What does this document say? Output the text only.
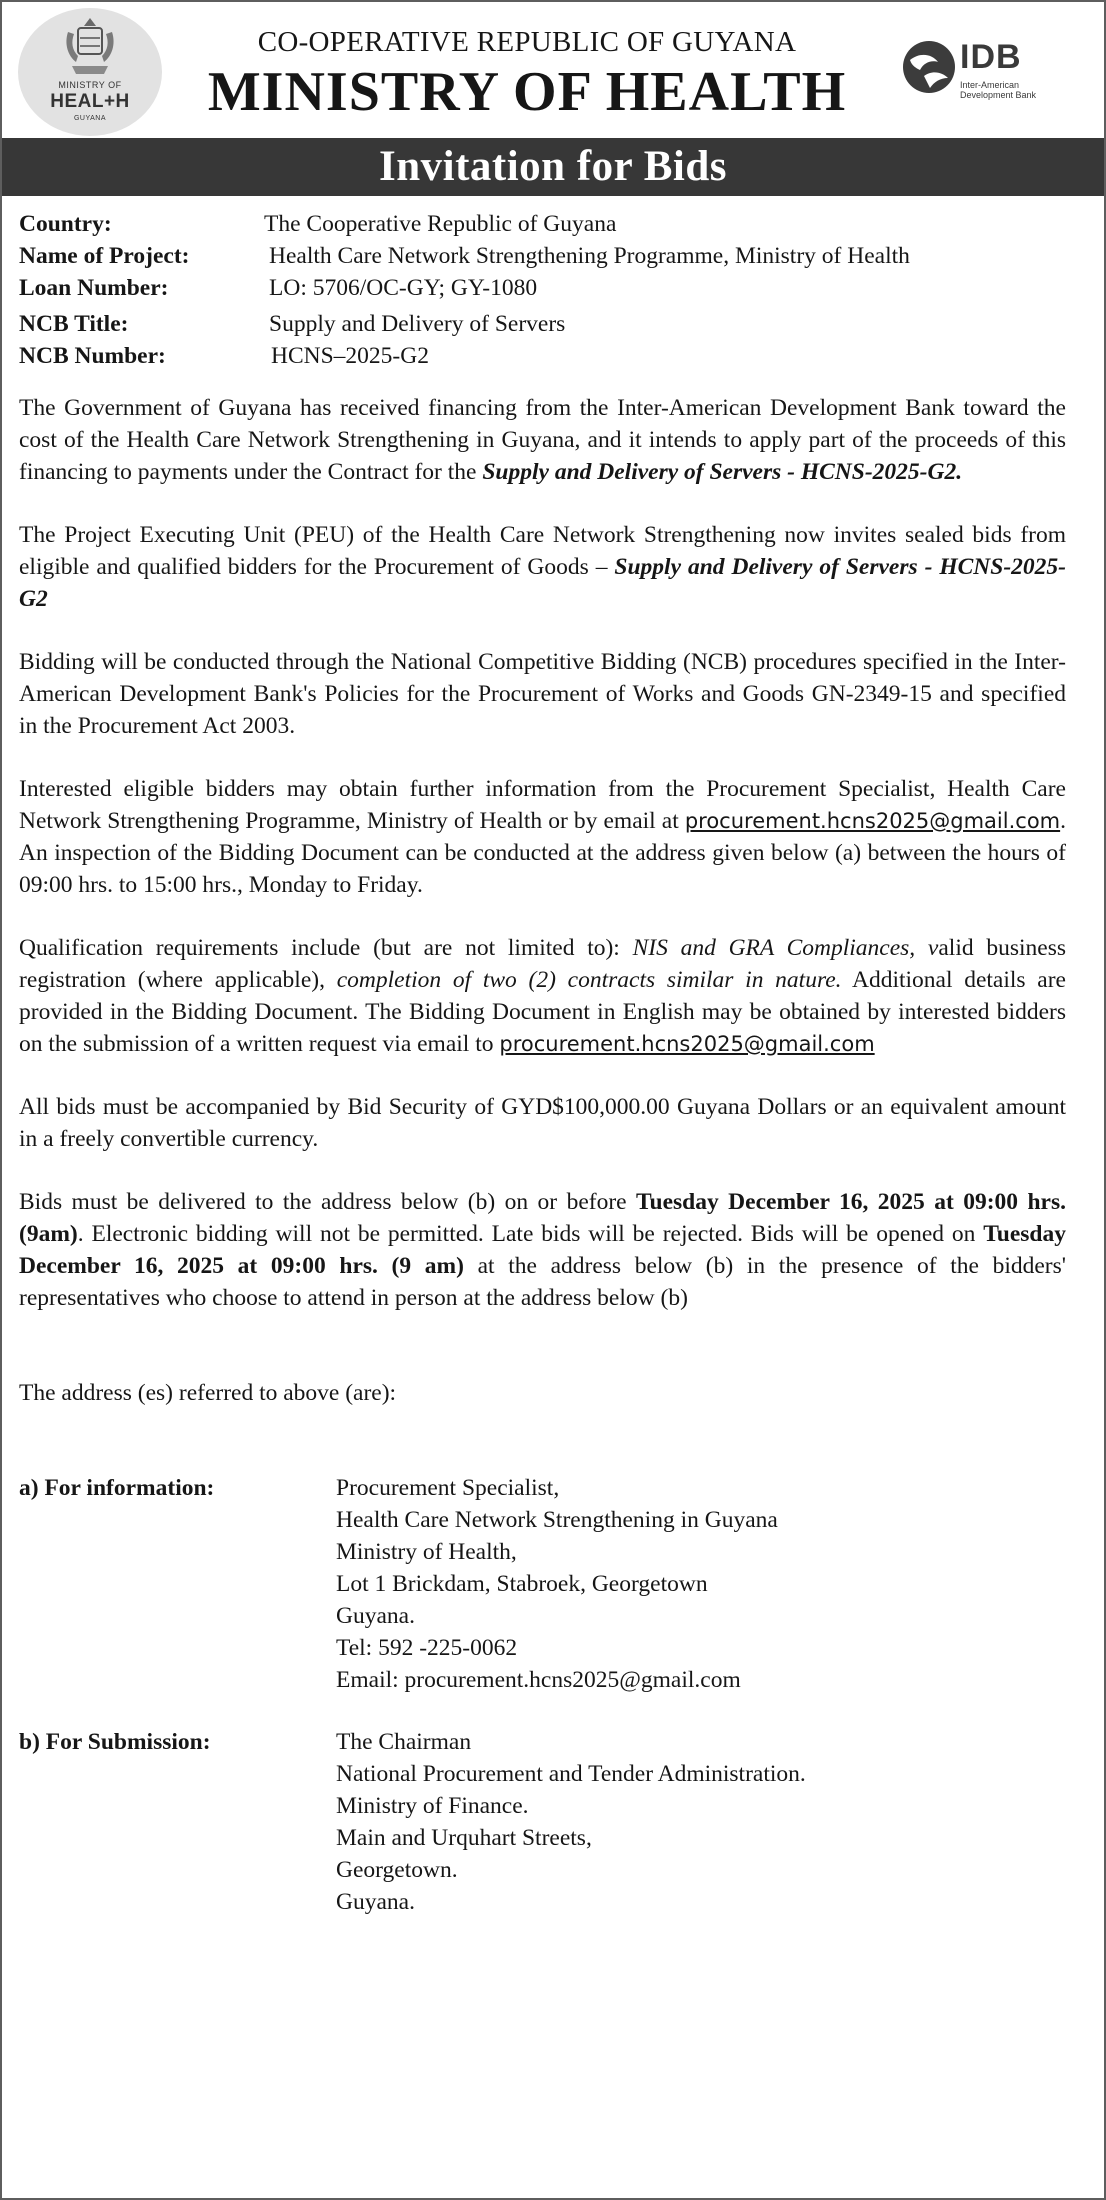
MINISTRY OF
HEAL+H
GUYANA
CO-OPERATIVE REPUBLIC OF GUYANA
MINISTRY OF HEALTH
IDB
Inter-American
Development Bank
Invitation for Bids
Country:	The Cooperative Republic of Guyana
Name of Project:	Health Care Network Strengthening Programme, Ministry of Health
Loan Number:	LO: 5706/OC-GY; GY-1080
NCB Title:	Supply and Delivery of Servers
NCB Number:	HCNS–2025-G2

The Government of Guyana has received financing from the Inter-American Development Bank toward the cost of the Health Care Network Strengthening in Guyana, and it intends to apply part of the proceeds of this financing to payments under the Contract for the Supply and Delivery of Servers - HCNS-2025-G2.

The Project Executing Unit (PEU) of the Health Care Network Strengthening now invites sealed bids from eligible and qualified bidders for the Procurement of Goods – Supply and Delivery of Servers - HCNS-2025-G2

Bidding will be conducted through the National Competitive Bidding (NCB) procedures specified in the Inter-American Development Bank's Policies for the Procurement of Works and Goods GN-2349-15 and specified in the Procurement Act 2003.

Interested eligible bidders may obtain further information from the Procurement Specialist, Health Care Network Strengthening Programme, Ministry of Health or by email at procurement.hcns2025@gmail.com. An inspection of the Bidding Document can be conducted at the address given below (a) between the hours of 09:00 hrs. to 15:00 hrs., Monday to Friday.

Qualification requirements include (but are not limited to): NIS and GRA Compliances, valid business registration (where applicable), completion of two (2) contracts similar in nature. Additional details are provided in the Bidding Document. The Bidding Document in English may be obtained by interested bidders on the submission of a written request via email to procurement.hcns2025@gmail.com

All bids must be accompanied by Bid Security of GYD$100,000.00 Guyana Dollars or an equivalent amount in a freely convertible currency.

Bids must be delivered to the address below (b) on or before Tuesday December 16, 2025 at 09:00 hrs. (9am). Electronic bidding will not be permitted. Late bids will be rejected. Bids will be opened on Tuesday December 16, 2025 at 09:00 hrs. (9 am) at the address below (b) in the presence of the bidders' representatives who choose to attend in person at the address below (b)

The address (es) referred to above (are):

a) For information:	Procurement Specialist,
Health Care Network Strengthening in Guyana
Ministry of Health,
Lot 1 Brickdam, Stabroek, Georgetown
Guyana.
Tel: 592 -225-0062
Email: procurement.hcns2025@gmail.com
b) For Submission:	The Chairman
National Procurement and Tender Administration.
Ministry of Finance.
Main and Urquhart Streets,
Georgetown.
Guyana.
